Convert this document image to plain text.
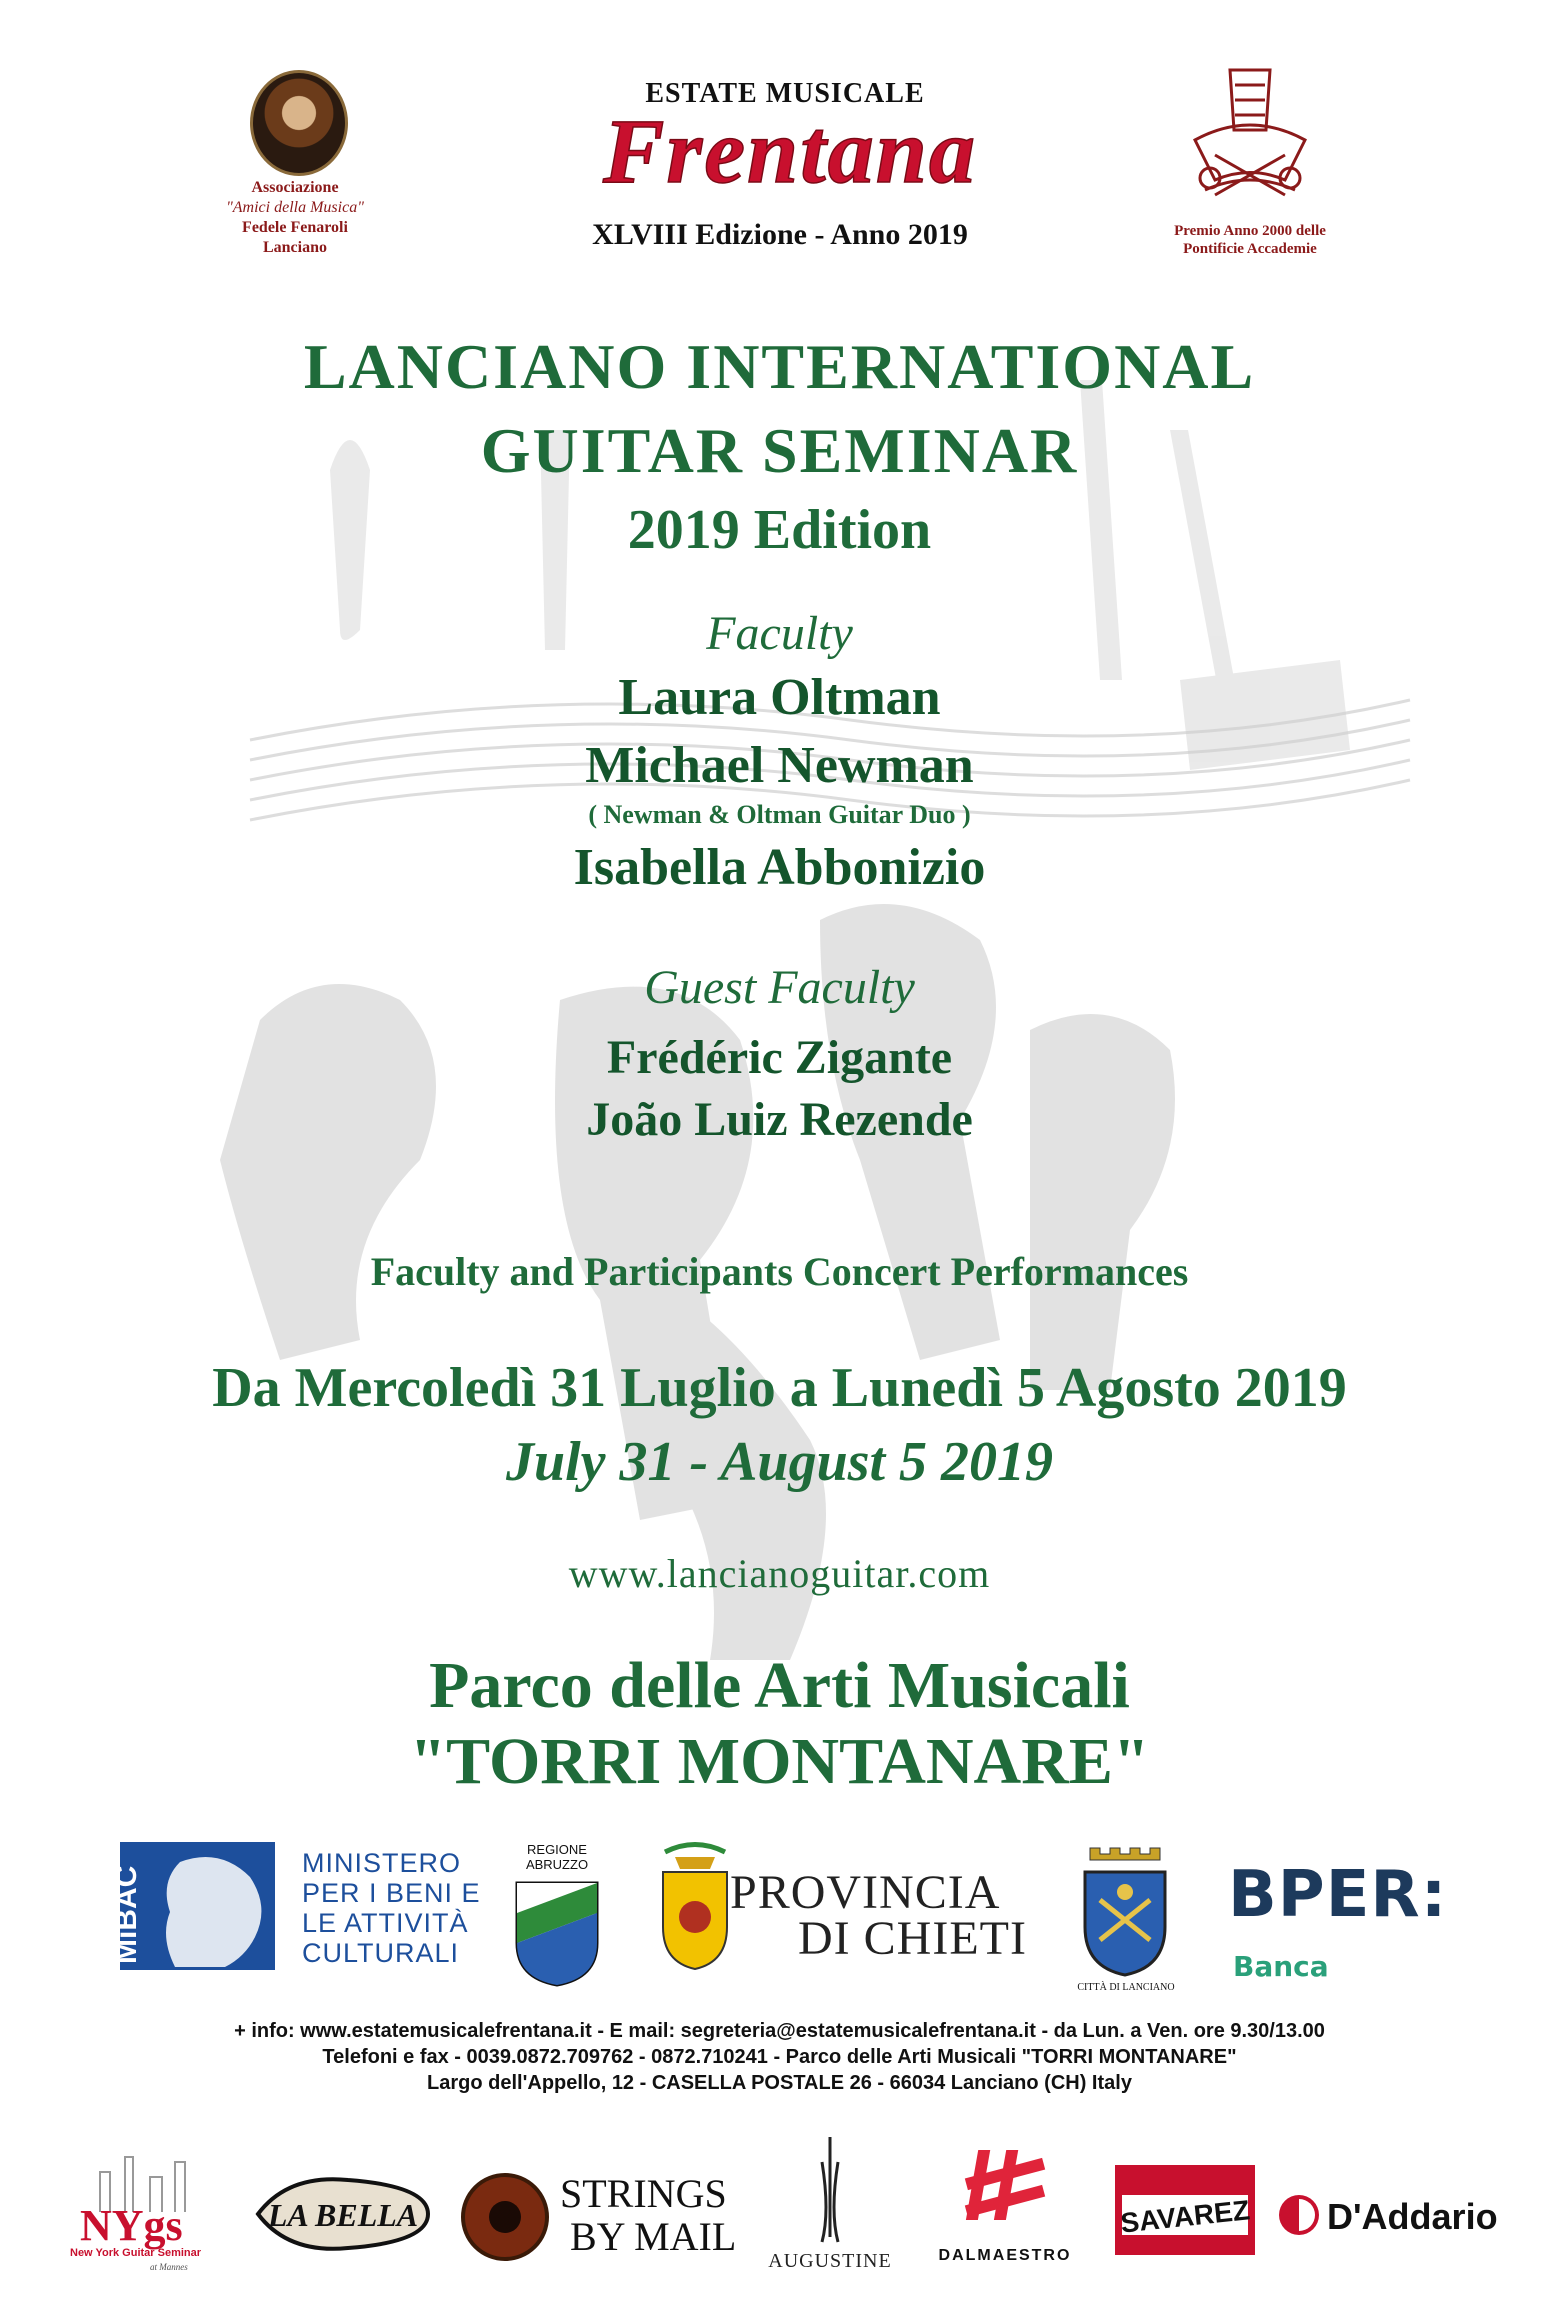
Associazione
"Amici della Musica"
Fedele Fenaroli
Lanciano
ESTATE MUSICALE
Frentana
XLVIII Edizione - Anno 2019	Premio Anno 2000 delle
Pontificie Accademie
LANCIANO INTERNATIONAL
GUITAR SEMINAR
2019 Edition
Faculty
Laura Oltman
Michael Newman
( Newman & Oltman Guitar Duo )
Isabella Abbonizio
Guest Faculty
Frédéric Zigante
João Luiz Rezende
Faculty and Participants Concert Performances
Da Mercoledì 31 Luglio a Lunedì 5 Agosto 2019
July 31 - August 5 2019
www.lancianoguitar.com
Parco delle Arti Musicali
"TORRI MONTANARE"
MiBAC
MINISTERO
PER I BENI E
LE ATTIVITÀ
CULTURALI
REGIONE
ABRUZZO
PROVINCIA
DI CHIETI
CITTÀ DI LANCIANO
BPER:
Banca
+ info: www.estatemusicalefrentana.it - E mail: segreteria@estatemusicalefrentana.it - da Lun. a Ven. ore 9.30/13.00
Telefoni e fax - 0039.0872.709762 - 0872.710241 - Parco delle Arti Musicali "TORRI MONTANARE"
Largo dell'Appello, 12 - CASELLA POSTALE 26 - 66034 Lanciano (CH) Italy
NYgs
New York Guitar Seminar
at Mannes
LA BELLA	STRINGS
BY MAIL
AUGUSTINE	DALMAESTRO
SAVAREZ D'Addario
